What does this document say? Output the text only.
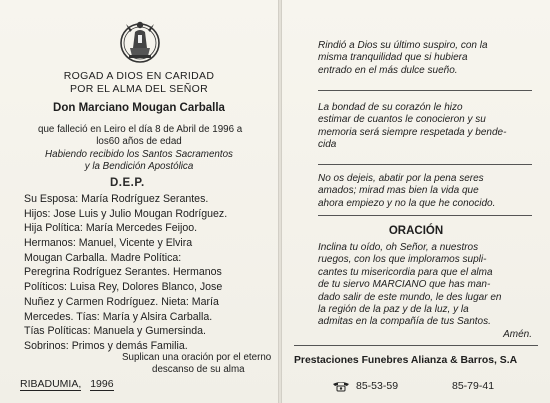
ROGAD A DIOS EN CARIDAD
POR EL ALMA DEL SEÑOR
Don Marciano Mougan Carballa
que falleció en Leiro el día 8 de Abril de 1996 a
los60 años de edad
Habiendo recibido los Santos Sacramentos
y la Bendición Apostólica
D.E.P.
Su Esposa: María Rodríguez Serantes.
Hijos: Jose Luis y Julio Mougan Rodríguez.
Hija Política: María Mercedes Feijoo.
Hermanos: Manuel, Vicente y Elvira
Mougan Carballa. Madre Política:
Peregrina Rodríguez Serantes. Hermanos
Políticos: Luisa Rey, Dolores Blanco, Jose
Nuñez y Carmen Rodríguez. Nieta: María
Mercedes. Tías: María y Alsira Carballa.
Tías Políticas: Manuela y Gumersinda.
Sobrinos: Primos y demás Familia.
Suplican una oración por el eterno
descanso de su alma
RIBADUMIA, 1996
Rindió a Dios su último suspiro, con la
misma tranquilidad que si hubiera
entrado en el más dulce sueño.
La bondad de su corazón le hizo
estimar de cuantos le conocieron y su
memoria será siempre respetada y bende-
cida
No os dejeis, abatir por la pena seres
amados; mirad mas bien la vida que
ahora empiezo y no la que he conocido.
ORACIÓN
Inclina tu oído, oh Señor, a nuestros
ruegos, con los que imploramos supli-
cantes tu misericordia para que el alma
de tu siervo MARCIANO que has man-
dado salir de este mundo, le des lugar en
la región de la paz y de la luz, y la
admitas en la compañía de tus Santos.
Amén.
Prestaciones Funebres Alianza & Barros, S.A
85-53-59	85-79-41
